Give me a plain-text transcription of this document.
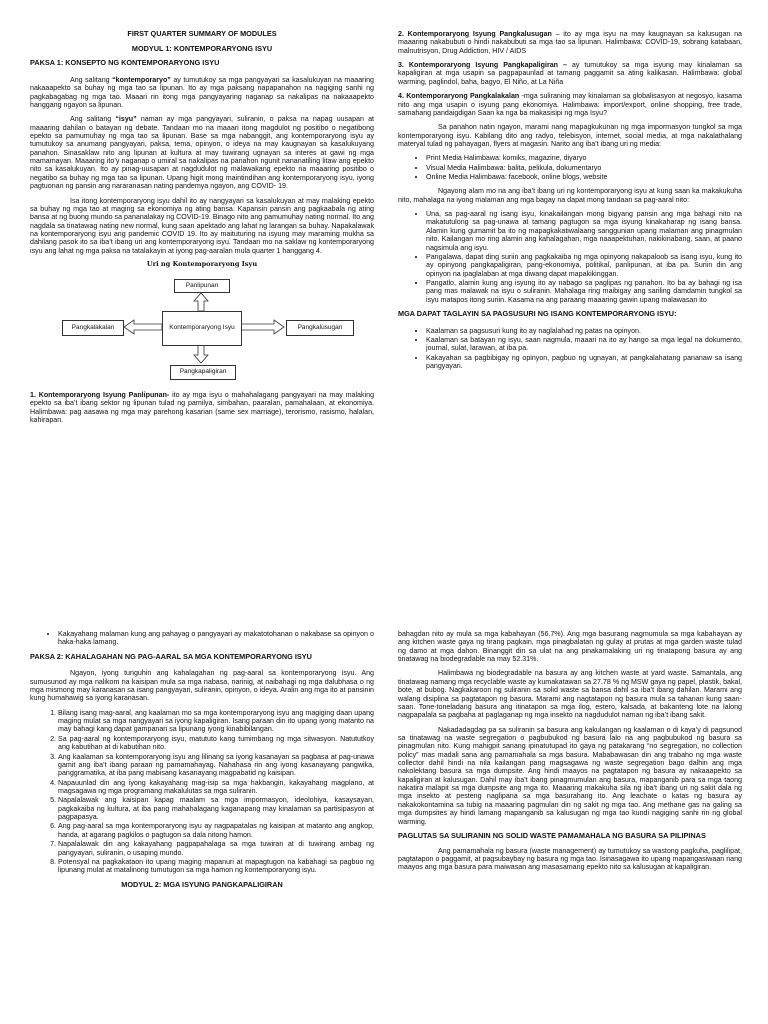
FIRST QUARTER SUMMARY OF MODULES
MODYUL 1: KONTEMPORARYONG ISYU
PAKSA 1: KONSEPTO NG KONTEMPORARYONG ISYU

Ang salitang “kontemporaryo” ay tumutukoy sa mga pangyayari sa kasalukuyan na maaaring nakaaapekto sa buhay ng mga tao sa lipunan. Ito ay mga paksang napapanahon na nagiging sanhi ng pagkabagabag ng mga tao. Maaari rin itong mga pangyayaring naganap sa nakalipas na nakaaapekto hanggang ngayon sa lipunan.

Ang salitang “isyu” naman ay mga pangyayari, suliranin, o paksa na napag uusapan at maaaring dahilan o batayan ng debate. Tandaan mo na maaari itong magdulot ng positibo o negatibong epekto sa pamumuhay ng mga tao sa lipunan. Base sa mga nabanggit, ang kontemporaryong isyu ay tumutukoy sa anumang pangyayari, paksa, tema, opinyon, o ideya na may kaugnayan sa kasalukuyang panahon. Sinasaklaw nito ang lipunan at kultura at may tuwirang ugnayan sa interes at gawi ng mga mamamayan. Maaaring ito’y naganap o umiral sa nakalipas na panahon ngunit nananatiling litaw ang epekto nito sa kasalukuyan. Ito ay pinag-uusapan at nagdudulot ng malawakang epekto na maaaring positibo o negatibo sa buhay ng mga tao sa lipunan. Upang higit mong maintindihan ang kontemporaryong isyu, iyong pagtuonan ng pansin ang nararanasan nating pandemya ngayon, ang COVID- 19.

Isa itong kontemporaryong isyu dahil ito ay nangyayari sa kasalukuyan at may malaking epekto sa buhay ng mga tao at maging sa ekonomiya ng ating bansa. Kapansin pansin ang pagkaabala ng ating bansa at ng buong mundo sa pananalakay ng COVID-19. Binago nito ang pamumuhay nating normal. Ito ang nagdala sa tinatawag nating new normal, kung saan apektado ang lahat ng larangan sa buhay. Napakalawak na kontemporaryong isyu ang pandemic COVID 19. Ito ay maituturing na isyung may maraming mukha sa dahilang pasok ito sa iba’t ibang uri ang kontemporaryong isyu. Tandaan mo na saklaw ng kontemporaryong isyu ang lahat ng mga paksa na tatalakayin at iyong pag-aaralan mula quarter 1 hanggang 4.

Uri ng Kontemporaryong Isyu
Panlipunan
Kontemporaryong Isyu
Pangkalakalan	Pangkalusugan
Pangkapaligiran

1. Kontemporaryong Isyung Panlipunan- ito ay mga isyu o mahahalagang pangyayari na may malaking epekto sa iba’t ibang sektor ng lipunan tulad ng pamilya, simbahan, paaralan, pamahalaan, at ekonomiya. Halimbawa: pag aasawa ng mga may parehong kasarian (same sex marriage), terorismo, rasismo, halalan, kahirapan.

2. Kontemporaryong Isyung Pangkalusugan – ito ay mga isyu na may kaugnayan sa kalusugan na maaaring nakabubuti o hindi nakabubuti sa mga tao sa lipunan. Halimbawa: COVID-19, sobrang katabaan, malnutrisyon, Drug Addiction, HIV / AIDS

3. Kontemporaryong Isyung Pangkapaligiran – ay tumutukoy sa mga isyung may kinalaman sa kapaligiran at mga usapin sa pagpapaunlad at tamang paggamit sa ating kalikasan. Halimbawa: global warming, paglindol, baha, bagyo, El Niño, at La Niña

4. Kontemporaryong Pangkalakalan -mga suliraning may kinalaman sa globalisasyon at negosyo, kasama nito ang mga usapin o isyung pang ekonomiya. Halimbawa: import/export, online shopping, free trade, samahang pandaigdigan Saan ka nga ba makasisipi ng mga Isyu?

Sa panahon natin ngayon, marami nang mapagkukunan ng mga impormasyon tungkol sa mga kontemporaryong isyu. Kabilang dito ang radyo, telebisyon, internet, social media, at mga nakalathalang materyal tulad ng pahayagan, flyers at magasin. Narito ang iba’t ibang uri ng media:

• Print Media Halimbawa: komiks, magazine, diyaryo
• Visual Media Halimbawa: balita, pelikula, dokumentaryo
• Online Media Halimbawa: facebook, online blogs, website

Ngayong alam mo na ang iba’t ibang uri ng kontemporaryong isyu at kung saan ka makakukuha nito, mahalaga na iyong malaman ang mga bagay na dapat mong tandaan sa pag-aaral nito:

• Una, sa pag-aaral ng isang isyu, kinakailangan mong bigyang pansin ang mga bahagi nito na makatutulong sa pag-unawa at tamang pagtugon sa mga isyung kinakaharap ng isang bansa. Alamin kung gumamit ba ito ng mapagkakatiwalaang sanggunian upang malaman ang pinagmulan nito. Kailangan mo ring alamin ang kahalagahan, mga naaapektuhan, nakikinabang, saan, at paano nagsimula ang isyu.
• Pangalawa, dapat ding suriin ang pagkakaiba ng mga opinyong nakapaloob sa isang isyu, kung ito ay opinyong pangkapaligiran, pang-ekonomiya, politikal, panlipunan, at iba pa. Suriin din ang opinyon na ipaglalaban at mga diwang dapat mapakikinggan.
• Pangatlo, alamin kung ang isyung ito ay nabago sa paglipas ng panahon. Ito ba ay bahagi ng isa pang mas malawak na isyu o suliranin. Mahalaga ring maibigay ang sariling damdamin tungkol sa isyu matapos itong suriin. Kasama na ang paraang maaaring gawin upang malawasan ito
MGA DAPAT TAGLAYIN SA PAGSUSURI NG ISANG KONTEMPORARYONG ISYU:
• Kaalaman sa pagsusuri kung ito ay naglalahad ng patas na opinyon.
• Kaalaman sa batayan ng isyu, saan nagmula, maaari na ito ay hango sa mga legal na dokumento, journal, sulat, larawan, at iba pa.
• Kakayahan sa pagbibigay ng opinyon, pagbuo ng ugnayan, at pangkalahatang pananaw sa isang pangyayari.
• Kakayahang malaman kung ang pahayag o pangyayari ay makatotohanan o nakabase sa opinyon o haka-haka lamang.
PAKSA 2: KAHALAGAHAN NG PAG-AARAL SA MGA KONTEMPORARYONG ISYU

Ngayon, iyong tunguhin ang kahalagahan ng pag-aaral sa kontemporaryong isyu. Ang sumusunod ay mga nalikom na kaisipan mula sa mga nabasa, narinig, at naibahagi ng mga dalubhasa o ng mga mismong may karanasan sa isang pangyayari, suliranin, opinyon, o ideya. Aralin ang mga ito at pansinin kung humahawig sa iyong karanasan.

1. Bilang isang mag-aaral, ang kaalaman mo sa mga kontemporaryong isyu ang magiging daan upang maging mulat sa mga nangyayari sa iyong kapaligiran. Isang paraan din ito upang iyong matanto na may bahagi kang dapat gampanan sa lipunang iyong kinabibilangan.
2. Sa pag-aaral ng kontemporaryong isyu, matututo kang tumimbang ng mga sitwasyon. Natututkoy ang kabutihan at di kabutihan nito.
3. Ang kaalaman sa kontemporaryong isyu ang lilinang sa iyong kasanayan sa pagbasa at pag-unawa gamit ang iba’t ibang paraan ng pamamahayag. Nahahasa rin ang iyong kasanayang pangwika, panggramatika, at iba pang mabisang kasanayang magpabatid ng kaisipan.
4. Napauunlad din ang iyong kakayahang mag-isip sa mga hakbangin, kakayahang magplano, at magsagawa ng mga programang makalulutas sa mga suliranin.
5. Napalalawak ang kaisipan kapag maalam sa mga impormasyon, ideolohiya, kasaysayan, pagkakaiba ng kultura, at iba pang mahahalagang kaganapang may kinalaman sa partisipasyon at pagpapasya.
6. Ang pag-aaral sa mga kontemporaryong isyu ay nagpapatalas ng kaisipan at matanto ang angkop, handa, at agarang pagkilos o pagtugon sa dala nitong hamon.
7. Napalalawak din ang kakayahang pagpapahalaga sa mga tuwiran at di tuwirang ambag ng pangyayari, suliranin, o usaping mundo.
8. Potensyal na pagkakataon ito upang maging mapanuri at mapagtugon na kabahagi sa pagbuo ng lipunang mulat at matalinong tumutugon sa mga hamon ng kontemporaryong isyu.
MODYUL 2: MGA ISYUNG PANGKAPALIGIRAN

bahagdan nito ay mula sa mga kabahayan (56.7%). Ang mga basurang nagmumula sa mga kabahayan ay ang kitchen waste gaya ng tirang pagkain, mga pinagbalatan ng gulay at prutas at mga garden waste tulad ng damo at mga dahon. Binanggit din sa ulat na ang pinakamalaking uri ng tinatapong basura ay ang tinatawag na biodegradable na may 52.31%.

Halimbawa ng biodegradable na basura ay ang kitchen waste at yard waste. Samantala, ang tinatawag namang mga recyclable waste ay kumakatawan sa 27.78 % ng MSW gaya ng papel, plastik, bakal, bote, at bubog. Nagkakaroon ng suliranin sa solid waste sa bansa dahil sa iba’t ibang dahilan. Marami ang walang disiplina sa pagtatapon ng basura. Marami ang nagtatapon ng basura mula sa tahanan kung saan-saan. Tone-toneladang basura ang itinatapon sa mga ilog, estero, kalsada, at bakanteng lote na lalong nagpapalala sa pagbaha at paglaganap ng mga insekto na nagdudulot naman ng iba’t ibang sakit.

Nakadadagdag pa sa suliranin sa basura ang kakulangan ng kaalaman o di kaya’y di pagsunod sa tinatawag na waste segregation o pagbubukod ng basura lalo na ang pagbubukod ng basura sa pinagmulan nito. Kung mahigpit sanang ipinatutupad ito gaya ng patakarang “no segregation, no collection policy” mas madali sana ang pamamahala sa mga basura. Mababawasan din ang trabaho ng mga waste collector dahil hindi na nila kailangan pang magsagawa ng waste segregation bago dalhin ang mga nakolektang basura sa mga dumpsite. Ang hindi maayos na pagtatapon ng basura ay nakaaapekto sa kapaligiran at kalusugan. Dahil may iba’t ibang pinagmumulan ang basura, mapanganib para sa mga taong nakatira malapit sa mga dumpsite ang mga ito. Maaaring makakuha sila ng iba’t ibang uri ng sakit dala ng mga insekto at pesteng naglipana sa mga basurahang ito. Ang leachate o katas ng basura ay nakakokontamina sa tubig na maaaring pagmulan din ng sakit ng mga tao. Ang methane gas na galing sa mga dumpsites ay hindi lamang mapanganib sa kalusugan ng mga tao kundi nagiging sanhi rin ng global warming.

PAGLUTAS SA SULIRANIN NG SOLID WASTE PAMAMAHALA NG BASURA SA PILIPINAS

Ang pamamahala ng basura (waste management) ay tumutukoy sa wastong pagkuha, paglilipat, pagtatapon o paggamit, at pagsubaybay ng basura ng mga tao. Isinasagawa ito upang mapangasiwaan nang maayos ang mga basura para maiwasan ang masasamang epekto nito sa kalusugan at kapaligiran.
